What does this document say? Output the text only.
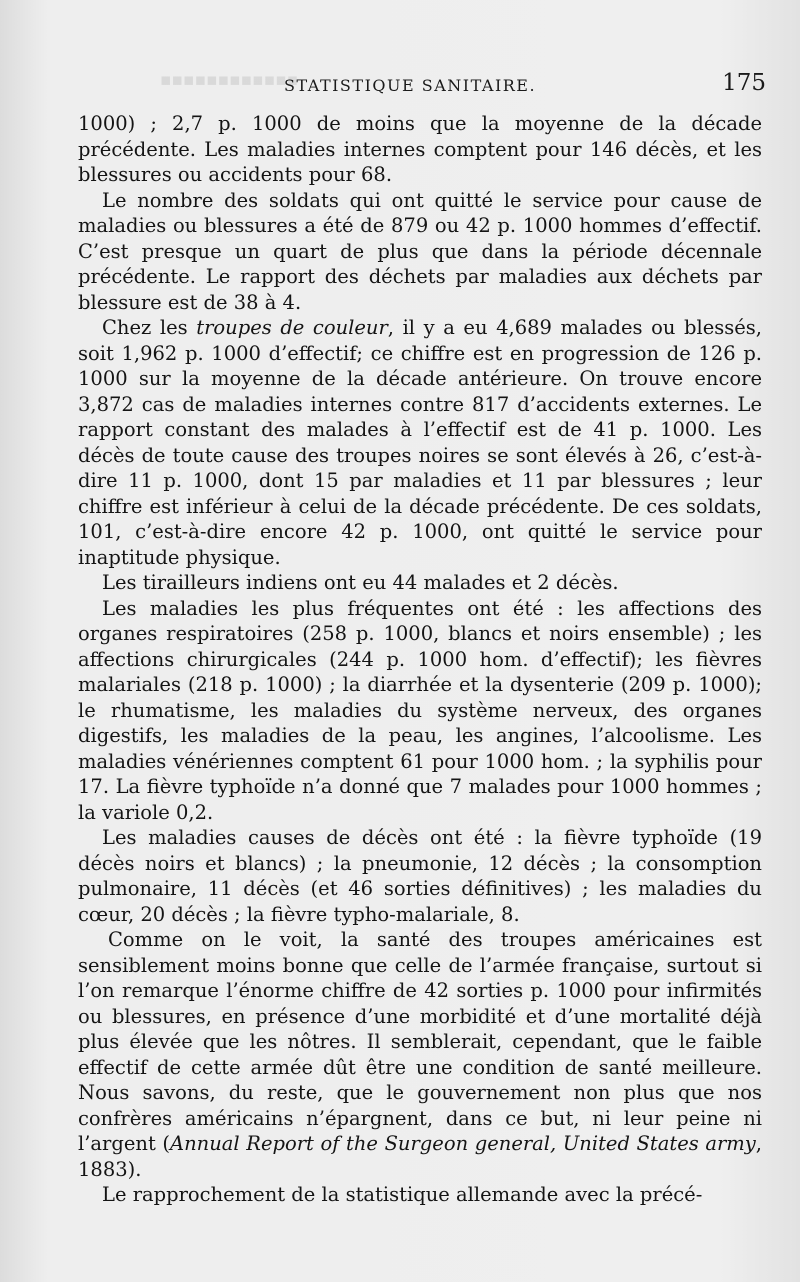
▪▪▪▪▪▪▪▪▪▪▪▪
STATISTIQUE SANITAIRE.	175

1000) ; 2,7 p. 1000 de moins que la moyenne de la décade précédente. Les maladies internes comptent pour 146 décès, et les blessures ou accidents pour 68.

Le nombre des soldats qui ont quitté le service pour cause de maladies ou blessures a été de 879 ou 42 p. 1000 hommes d’effectif. C’est presque un quart de plus que dans la période décennale précédente. Le rapport des déchets par maladies aux déchets par blessure est de 38 à 4.

Chez les troupes de couleur, il y a eu 4,689 malades ou blessés, soit 1,962 p. 1000 d’effectif; ce chiffre est en progression de 126 p. 1000 sur la moyenne de la décade antérieure. On trouve encore 3,872 cas de maladies internes contre 817 d’accidents externes. Le rapport constant des malades à l’effectif est de 41 p. 1000. Les décès de toute cause des troupes noires se sont élevés à 26, c’est-à-dire 11 p. 1000, dont 15 par maladies et 11 par blessures ; leur chiffre est inférieur à celui de la décade précédente. De ces soldats, 101, c’est-à-dire encore 42 p. 1000, ont quitté le service pour inaptitude physique.

Les tirailleurs indiens ont eu 44 malades et 2 décès.

Les maladies les plus fréquentes ont été : les affections des organes respiratoires (258 p. 1000, blancs et noirs ensemble) ; les affections chirurgicales (244 p. 1000 hom. d’effectif); les fièvres malariales (218 p. 1000) ; la diarrhée et la dysenterie (209 p. 1000); le rhumatisme, les maladies du système nerveux, des organes digestifs, les maladies de la peau, les angines, l’alcoolisme. Les maladies vénériennes comptent 61 pour 1000 hom. ; la syphilis pour 17. La fièvre typhoïde n’a donné que 7 malades pour 1000 hommes ; la variole 0,2.

Les maladies causes de décès ont été : la fièvre typhoïde (19 décès noirs et blancs) ; la pneumonie, 12 décès ; la consomption pulmonaire, 11 décès (et 46 sorties définitives) ; les maladies du cœur, 20 décès ; la fièvre typho-malariale, 8.

Comme on le voit, la santé des troupes américaines est sensiblement moins bonne que celle de l’armée française, surtout si l’on remarque l’énorme chiffre de 42 sorties p. 1000 pour infirmités ou blessures, en présence d’une morbidité et d’une mortalité déjà plus élevée que les nôtres. Il semblerait, cependant, que le faible effectif de cette armée dût être une condition de santé meilleure. Nous savons, du reste, que le gouvernement non plus que nos confrères américains n’épargnent, dans ce but, ni leur peine ni l’argent (Annual Report of the Surgeon general, United States army, 1883).

Le rapprochement de la statistique allemande avec la précé-
